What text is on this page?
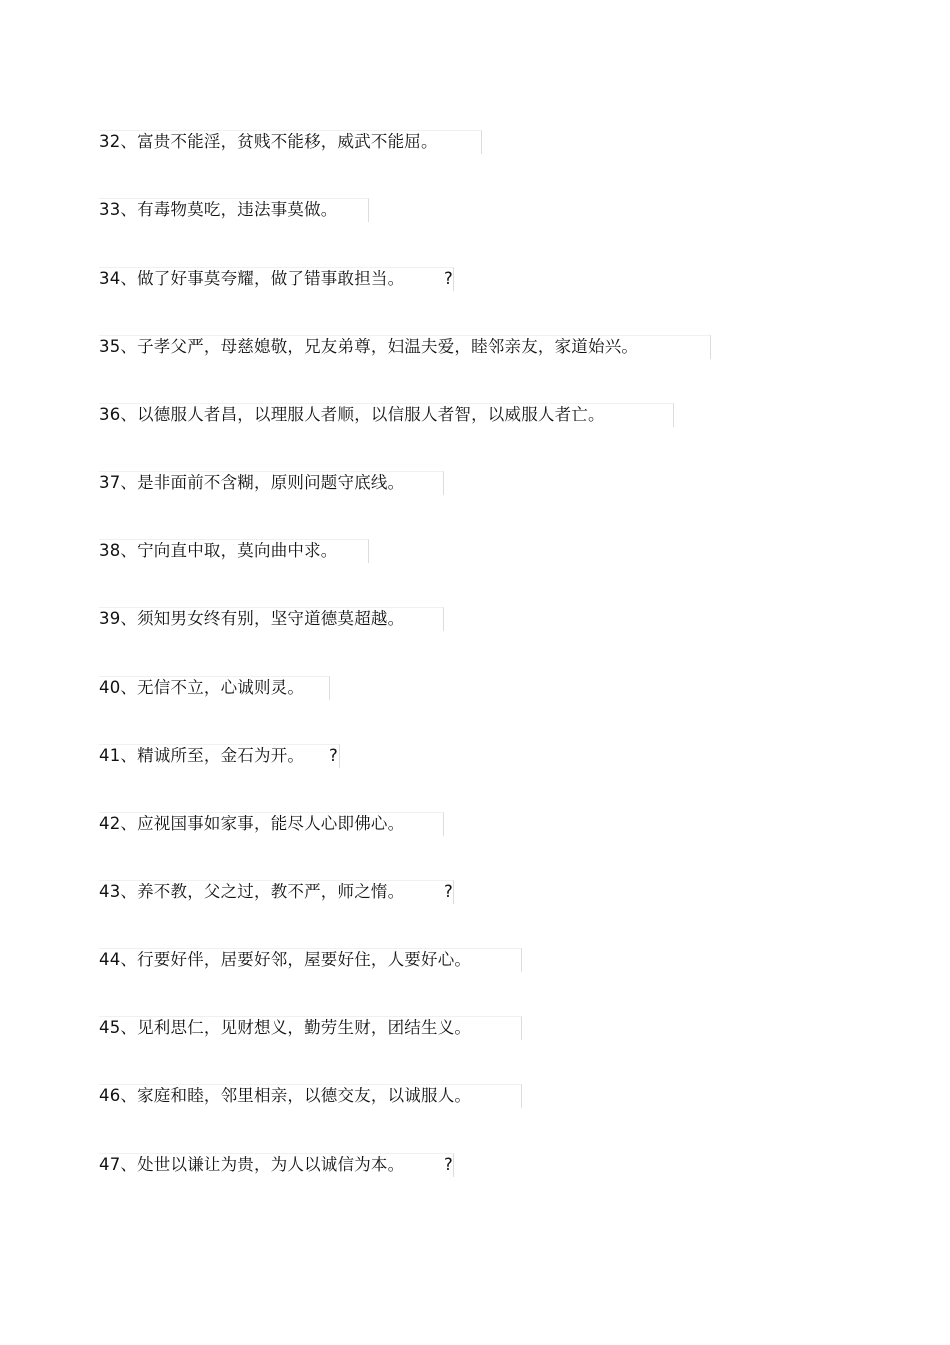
32、富贵不能淫，贫贱不能移，威武不能屈。
33、有毒物莫吃，违法事莫做。
34、做了好事莫夸耀，做了错事敢担当。 ?
35、子孝父严，母慈媳敬，兄友弟尊，妇温夫爱，睦邻亲友，家道始兴。
36、以德服人者昌，以理服人者顺，以信服人者智，以威服人者亡。
37、是非面前不含糊，原则问题守底线。
38、宁向直中取，莫向曲中求。
39、须知男女终有别，坚守道德莫超越。
40、无信不立，心诚则灵。
41、精诚所至，金石为开。 ?
42、应视国事如家事，能尽人心即佛心。
43、养不教，父之过，教不严，师之惰。 ?
44、行要好伴，居要好邻，屋要好住，人要好心。
45、见利思仁，见财想义，勤劳生财，团结生义。
46、家庭和睦，邻里相亲，以德交友，以诚服人。
47、处世以谦让为贵，为人以诚信为本。 ?
